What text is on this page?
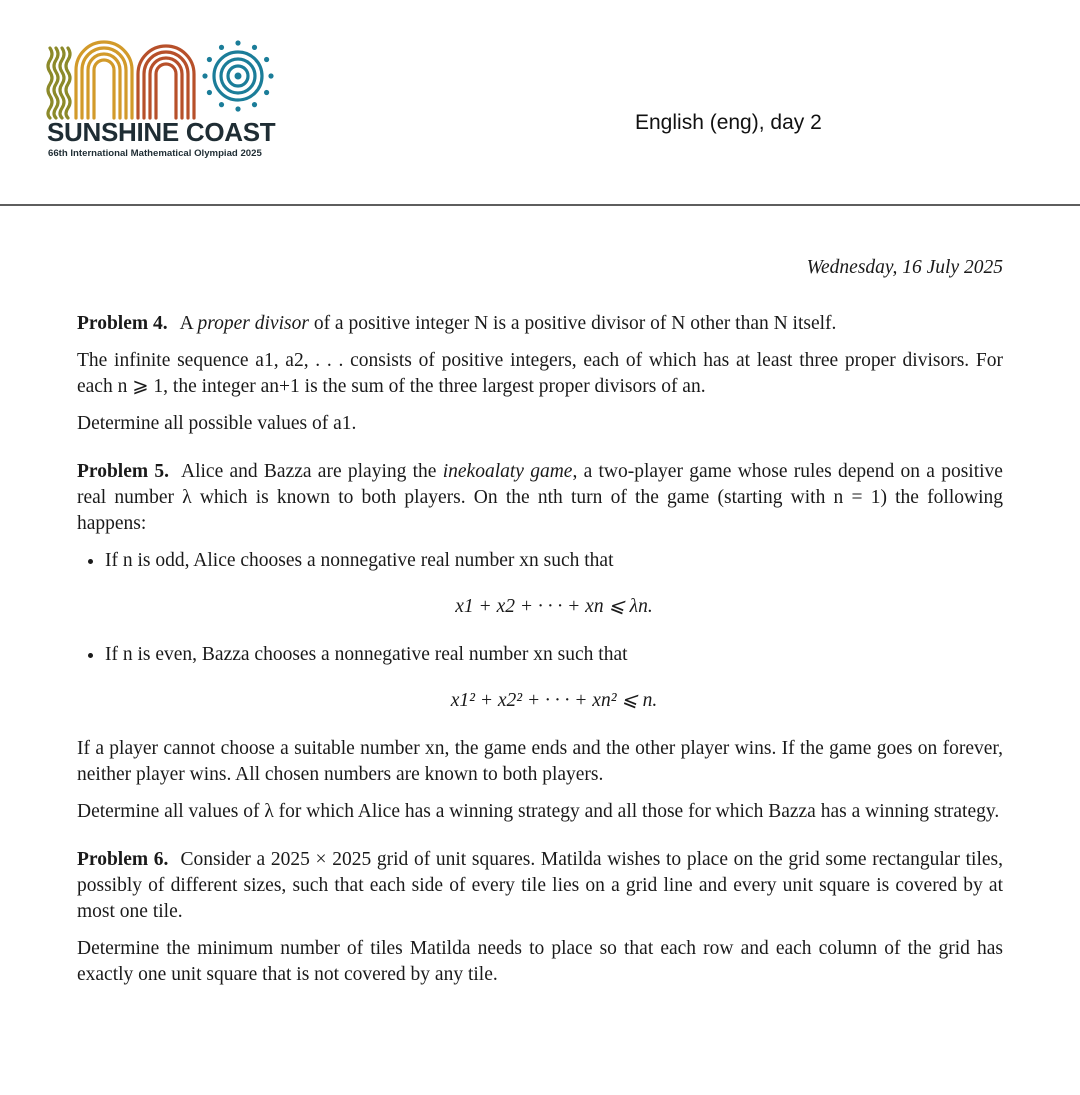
SUNSHINE COAST

66th International Mathematical Olympiad 2025

English (eng), day 2
Wednesday, 16 July 2025

Problem 4. A proper divisor of a positive integer N is a positive divisor of N other than N itself.

The infinite sequence a1, a2, . . . consists of positive integers, each of which has at least three proper divisors. For each n ⩾ 1, the integer an+1 is the sum of the three largest proper divisors of an.

Determine all possible values of a1.

Problem 5. Alice and Bazza are playing the inekoalaty game, a two-player game whose rules depend on a positive real number λ which is known to both players. On the nth turn of the game (starting with n = 1) the following happens:

• If n is odd, Alice chooses a nonnegative real number xn such that
x1 + x2 + · · · + xn ⩽ λn.
• If n is even, Bazza chooses a nonnegative real number xn such that
x1² + x2² + · · · + xn² ⩽ n.

If a player cannot choose a suitable number xn, the game ends and the other player wins. If the game goes on forever, neither player wins. All chosen numbers are known to both players.

Determine all values of λ for which Alice has a winning strategy and all those for which Bazza has a winning strategy.

Problem 6. Consider a 2025 × 2025 grid of unit squares. Matilda wishes to place on the grid some rectangular tiles, possibly of different sizes, such that each side of every tile lies on a grid line and every unit square is covered by at most one tile.

Determine the minimum number of tiles Matilda needs to place so that each row and each column of the grid has exactly one unit square that is not covered by any tile.
